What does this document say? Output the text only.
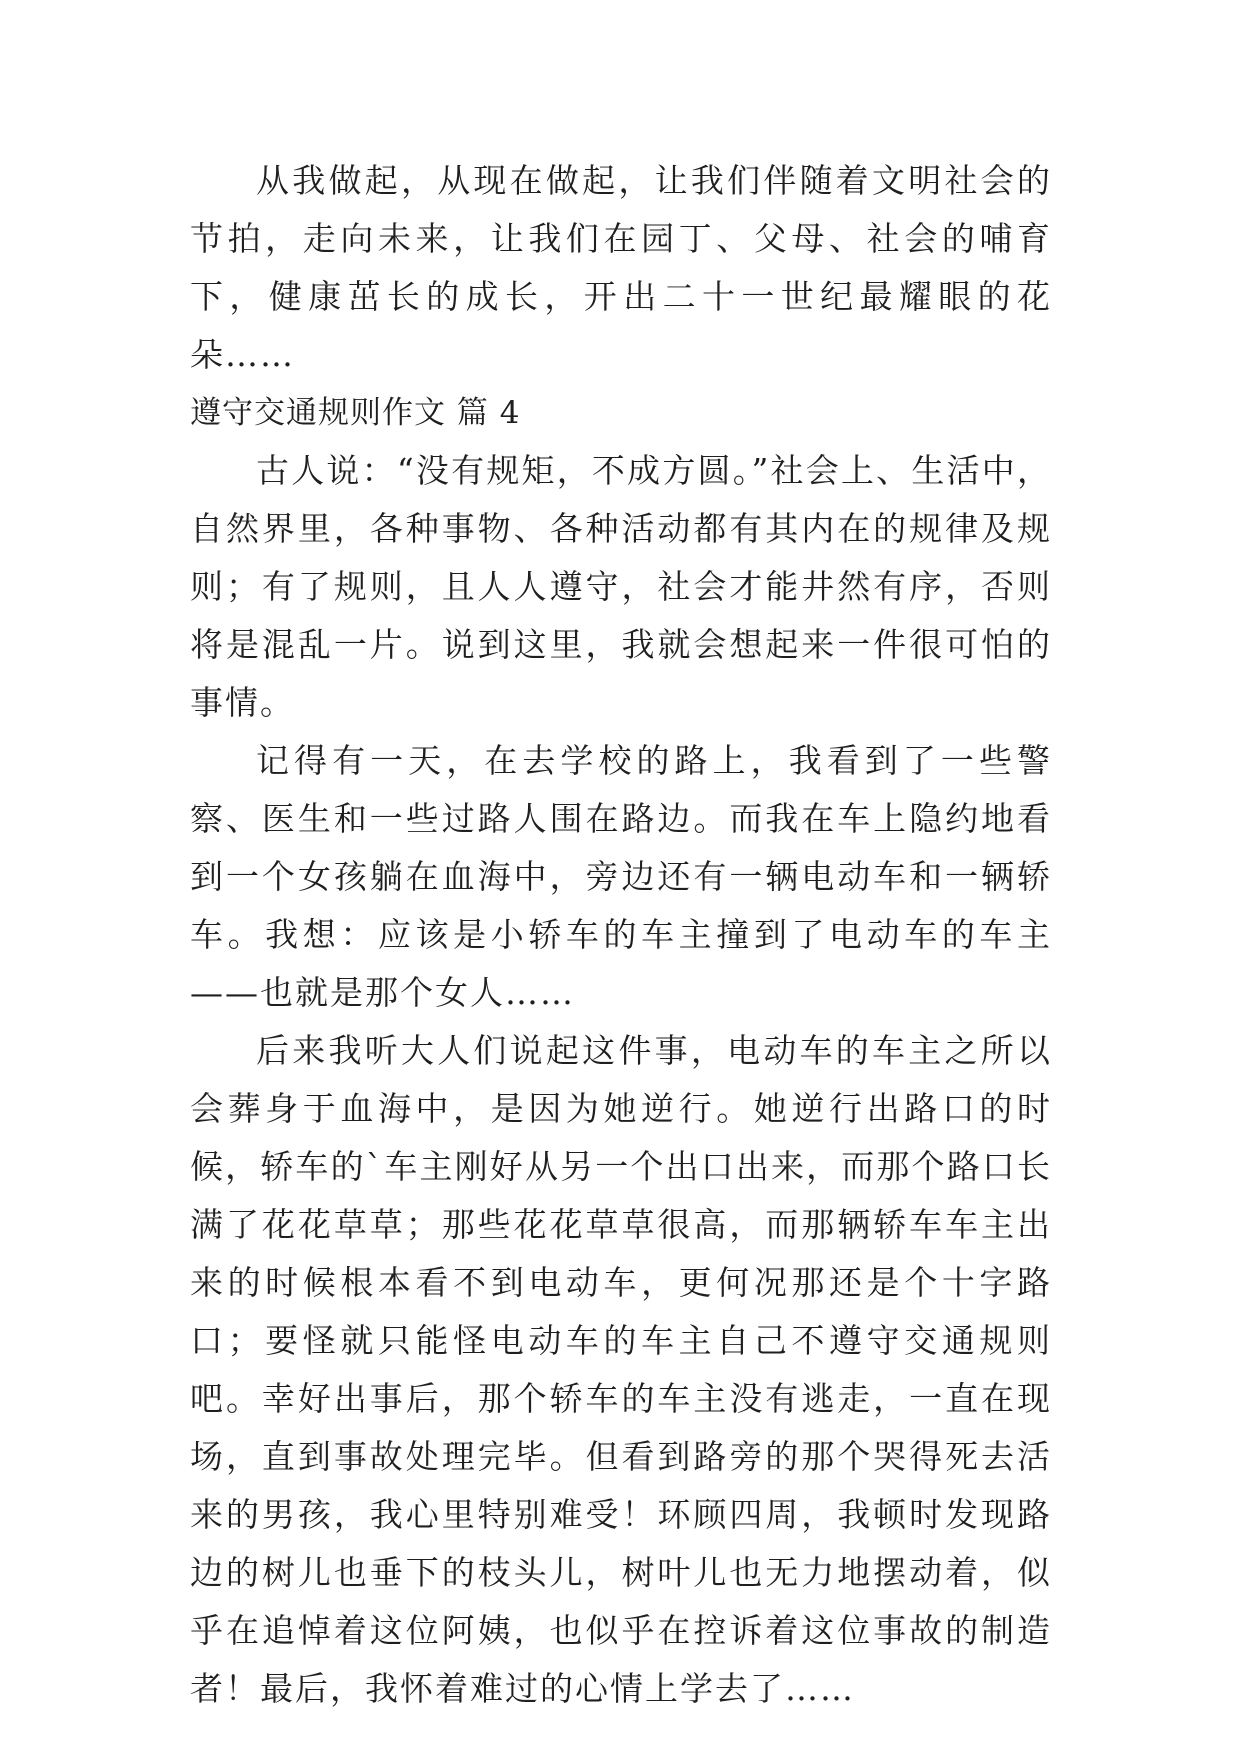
从我做起，从现在做起，让我们伴随着文明社会的节拍，走向未来，让我们在园丁、父母、社会的哺育下，健康茁长的成长，开出二十一世纪最耀眼的花朵……

遵守交通规则作文 篇 4

古人说：“没有规矩，不成方圆。”社会上、生活中，自然界里，各种事物、各种活动都有其内在的规律及规则；有了规则，且人人遵守，社会才能井然有序，否则将是混乱一片。说到这里，我就会想起来一件很可怕的事情。

记得有一天，在去学校的路上，我看到了一些警察、医生和一些过路人围在路边。而我在车上隐约地看到一个女孩躺在血海中，旁边还有一辆电动车和一辆轿车。我想：应该是小轿车的车主撞到了电动车的车主——也就是那个女人……

后来我听大人们说起这件事，电动车的车主之所以会葬身于血海中，是因为她逆行。她逆行出路口的时候，轿车的`车主刚好从另一个出口出来，而那个路口长满了花花草草；那些花花草草很高，而那辆轿车车主出来的时候根本看不到电动车，更何况那还是个十字路口；要怪就只能怪电动车的车主自己不遵守交通规则吧。幸好出事后，那个轿车的车主没有逃走，一直在现场，直到事故处理完毕。但看到路旁的那个哭得死去活来的男孩，我心里特别难受！环顾四周，我顿时发现路边的树儿也垂下的枝头儿，树叶儿也无力地摆动着，似乎在追悼着这位阿姨，也似乎在控诉着这位事故的制造者！最后，我怀着难过的心情上学去了……
